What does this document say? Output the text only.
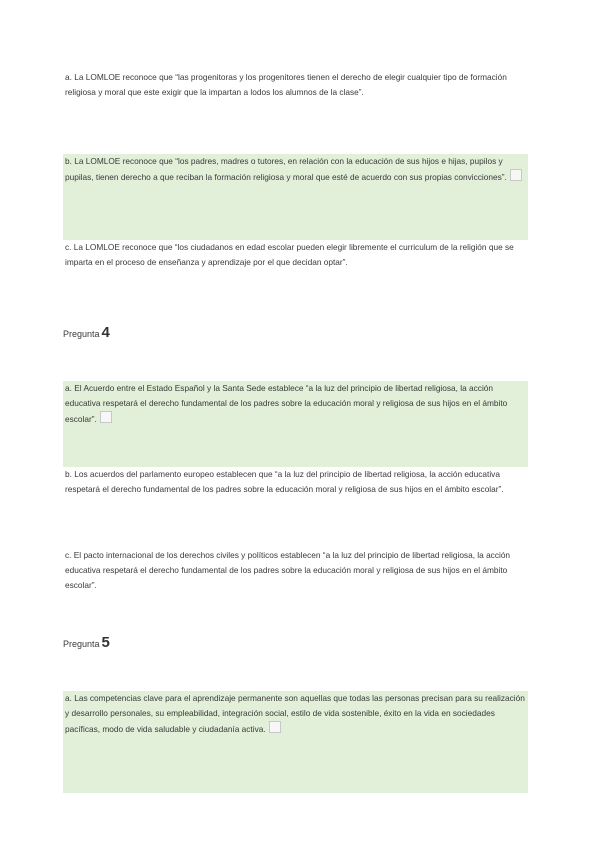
a. La LOMLOE reconoce que “las progenitoras y los progenitores tienen el derecho de elegir cualquier tipo de formación religiosa y moral que este exigir que la impartan a lodos los alumnos de la clase”.
b. La LOMLOE reconoce que “los padres, madres o tutores, en relación con la educación de sus hijos e hijas, pupilos y pupilas, tienen derecho a que reciban la formación religiosa y moral que esté de acuerdo con sus propias convicciones”.
c. La LOMLOE reconoce que “los ciudadanos en edad escolar pueden elegir libremente el curriculum de la religión que se imparta en el proceso de enseñanza y aprendizaje por el que decidan optar”.
Pregunta 4
a. El Acuerdo entre el Estado Español y la Santa Sede establece “a la luz del principio de libertad religiosa, la acción educativa respetará el derecho fundamental de los padres sobre la educación moral y religiosa de sus hijos en el ámbito escolar”.
b. Los acuerdos del parlamento europeo establecen que “a la luz del principio de libertad religiosa, la acción educativa respetará el derecho fundamental de los padres sobre la educación moral y religiosa de sus hijos en el ámbito escolar”.
c. El pacto internacional de los derechos civiles y políticos establecen “a la luz del principio de libertad religiosa, la acción educativa respetará el derecho fundamental de los padres sobre la educación moral y religiosa de sus hijos en el ámbito escolar”.
Pregunta 5
a. Las competencias clave para el aprendizaje permanente son aquellas que todas las personas precisan para su realización y desarrollo personales, su empleabilidad, integración social, estilo de vida sostenible, éxito en la vida en sociedades pacíficas, modo de vida saludable y ciudadanía activa.
